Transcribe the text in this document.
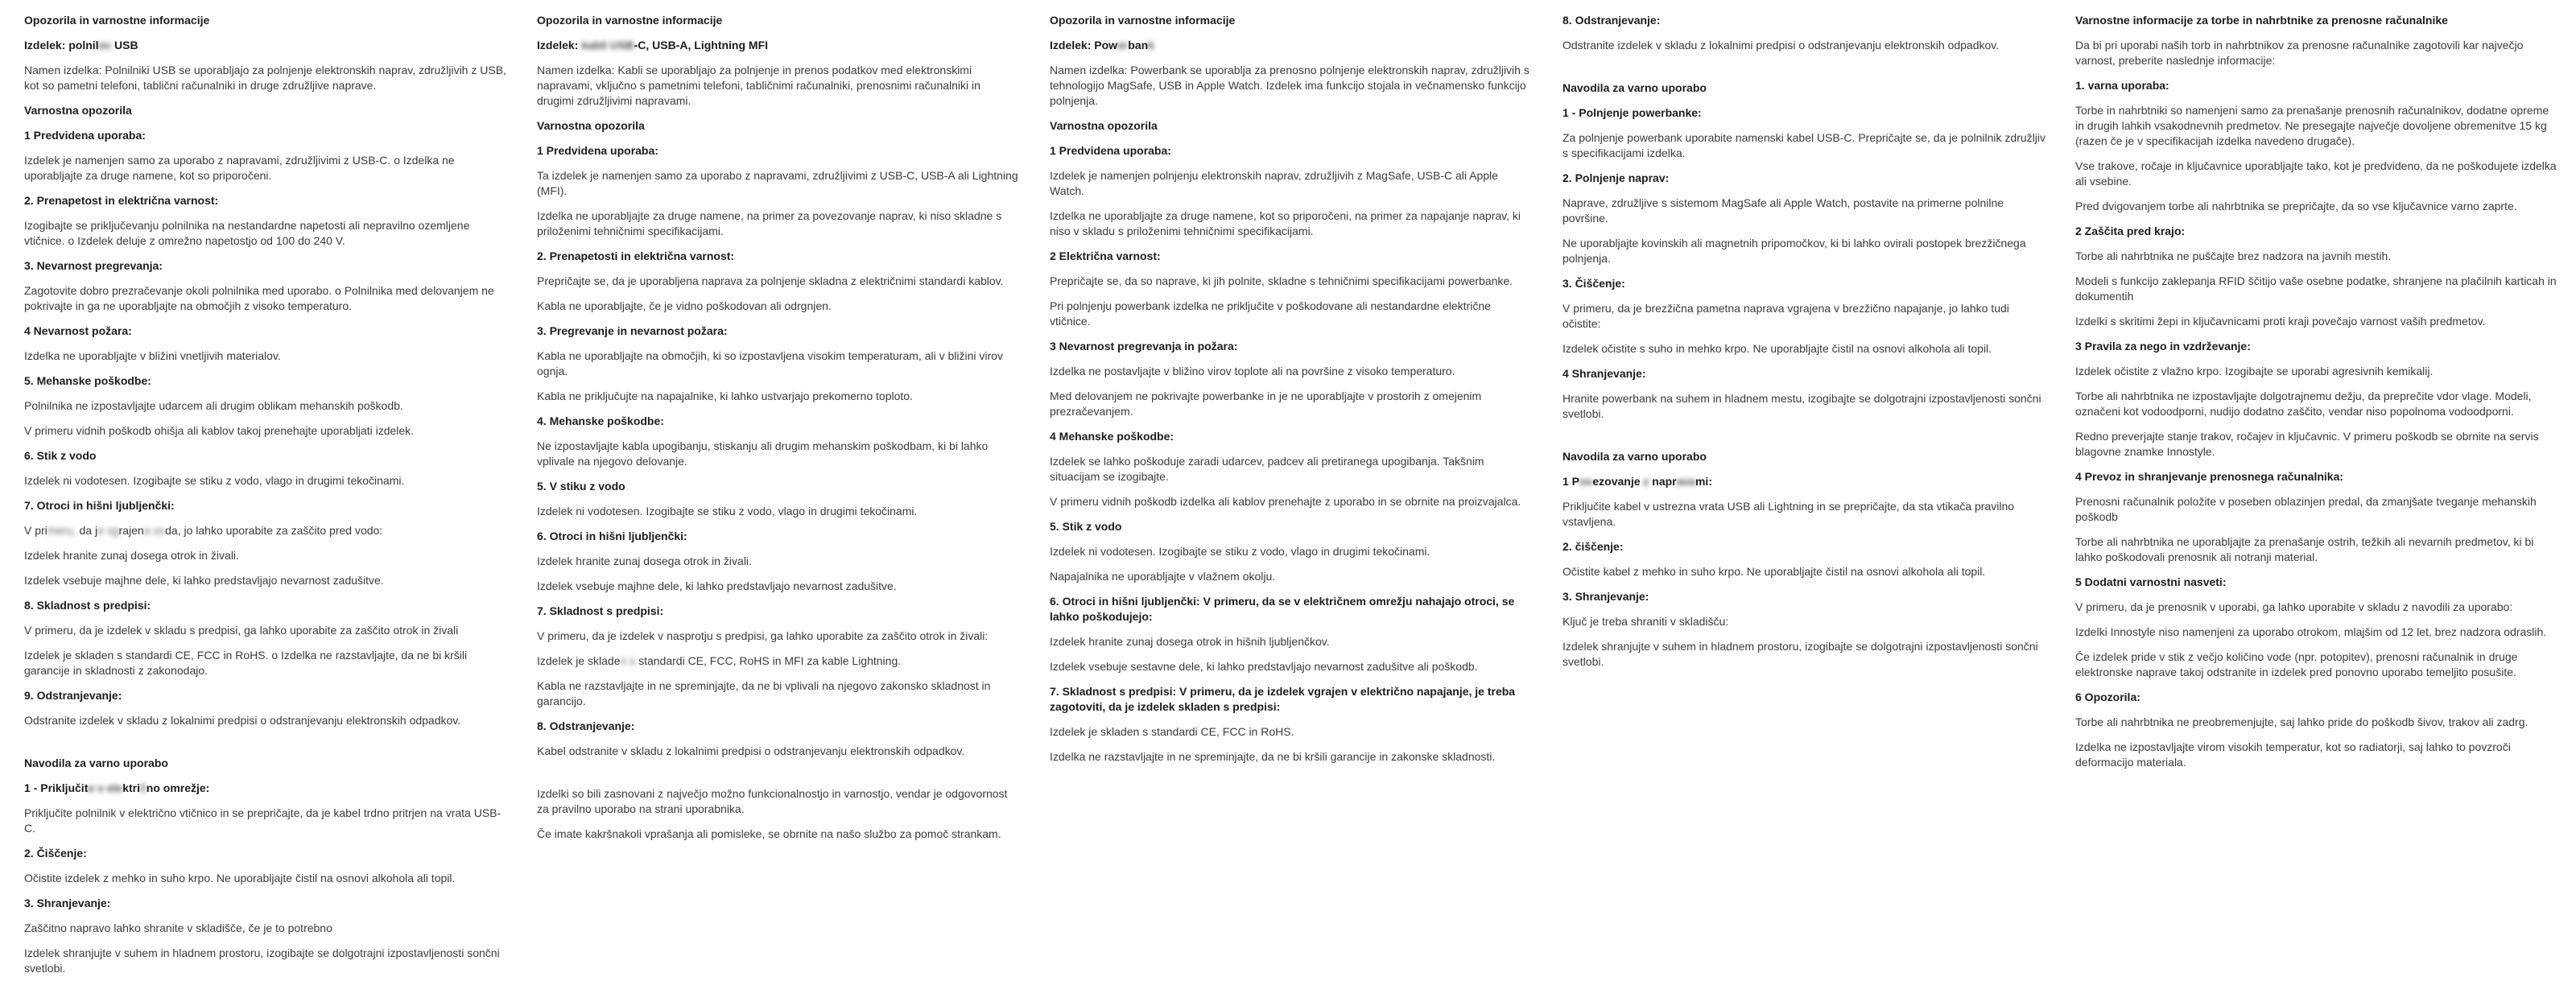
Opozorila in varnostne informacije
Izdelek: polnilec USB
Namen izdelka: Polnilniki USB se uporabljajo za polnjenje elektronskih naprav, združljivih z USB, kot so pametni telefoni, tablični računalniki in druge združljive naprave.
Varnostna opozorila
1 Predvidena uporaba:
Izdelek je namenjen samo za uporabo z napravami, združljivimi z USB-C. o Izdelka ne uporabljajte za druge namene, kot so priporočeni.
2. Prenapetost in električna varnost:
Izogibajte se priključevanju polnilnika na nestandardne napetosti ali nepravilno ozemljene vtičnice. o Izdelek deluje z omrežno napetostjo od 100 do 240 V.
3. Nevarnost pregrevanja:
Zagotovite dobro prezračevanje okoli polnilnika med uporabo. o Polnilnika med delovanjem ne pokrivajte in ga ne uporabljajte na območjih z visoko temperaturo.
4 Nevarnost požara:
Izdelka ne uporabljajte v bližini vnetljivih materialov.
5. Mehanske poškodbe:
Polnilnika ne izpostavljajte udarcem ali drugim oblikam mehanskih poškodb.
V primeru vidnih poškodb ohišja ali kablov takoj prenehajte uporabljati izdelek.
6. Stik z vodo
Izdelek ni vodotesen. Izogibajte se stiku z vodo, vlago in drugimi tekočinami.
7. Otroci in hišni ljubljenčki:
V primeru, da je vgrajena voda, jo lahko uporabite za zaščito pred vodo:
Izdelek hranite zunaj dosega otrok in živali.
Izdelek vsebuje majhne dele, ki lahko predstavljajo nevarnost zadušitve.
8. Skladnost s predpisi:
V primeru, da je izdelek v skladu s predpisi, ga lahko uporabite za zaščito otrok in živali
Izdelek je skladen s standardi CE, FCC in RoHS. o Izdelka ne razstavljajte, da ne bi kršili garancije in skladnosti z zakonodajo.
9. Odstranjevanje:
Odstranite izdelek v skladu z lokalnimi predpisi o odstranjevanju elektronskih odpadkov.
Navodila za varno uporabo
1 - Priključite v električno omrežje:
Priključite polnilnik v električno vtičnico in se prepričajte, da je kabel trdno pritrjen na vrata USB-C.
2. Čiščenje:
Očistite izdelek z mehko in suho krpo. Ne uporabljajte čistil na osnovi alkohola ali topil.
3. Shranjevanje:
Zaščitno napravo lahko shranite v skladišče, če je to potrebno
Izdelek shranjujte v suhem in hladnem prostoru, izogibajte se dolgotrajni izpostavljenosti sončni svetlobi.
Opozorila in varnostne informacije
Izdelek: kabli USB-C, USB-A, Lightning MFI
Namen izdelka: Kabli se uporabljajo za polnjenje in prenos podatkov med elektronskimi napravami, vključno s pametnimi telefoni, tabličnimi računalniki, prenosnimi računalniki in drugimi združljivimi napravami.
Varnostna opozorila
1 Predvidena uporaba:
Ta izdelek je namenjen samo za uporabo z napravami, združljivimi z USB-C, USB-A ali Lightning (MFI).
Izdelka ne uporabljajte za druge namene, na primer za povezovanje naprav, ki niso skladne s priloženimi tehničnimi specifikacijami.
2. Prenapetosti in električna varnost:
Prepričajte se, da je uporabljena naprava za polnjenje skladna z električnimi standardi kablov.
Kabla ne uporabljajte, če je vidno poškodovan ali odrgnjen.
3. Pregrevanje in nevarnost požara:
Kabla ne uporabljajte na območjih, ki so izpostavljena visokim temperaturam, ali v bližini virov ognja.
Kabla ne priključujte na napajalnike, ki lahko ustvarjajo prekomerno toploto.
4. Mehanske poškodbe:
Ne izpostavljajte kabla upogibanju, stiskanju ali drugim mehanskim poškodbam, ki bi lahko vplivale na njegovo delovanje.
5. V stiku z vodo
Izdelek ni vodotesen. Izogibajte se stiku z vodo, vlago in drugimi tekočinami.
6. Otroci in hišni ljubljenčki:
Izdelek hranite zunaj dosega otrok in živali.
Izdelek vsebuje majhne dele, ki lahko predstavljajo nevarnost zadušitve.
7. Skladnost s predpisi:
V primeru, da je izdelek v nasprotju s predpisi, ga lahko uporabite za zaščito otrok in živali:
Izdelek je skladen s standardi CE, FCC, RoHS in MFI za kable Lightning.
Kabla ne razstavljajte in ne spreminjajte, da ne bi vplivali na njegovo zakonsko skladnost in garancijo.
8. Odstranjevanje:
Kabel odstranite v skladu z lokalnimi predpisi o odstranjevanju elektronskih odpadkov.
Izdelki so bili zasnovani z največjo možno funkcionalnostjo in varnostjo, vendar je odgovornost za pravilno uporabo na strani uporabnika.
Če imate kakršnakoli vprašanja ali pomisleke, se obrnite na našo službo za pomoč strankam.
Opozorila in varnostne informacije
Izdelek: Powerbank
Namen izdelka: Powerbank se uporablja za prenosno polnjenje elektronskih naprav, združljivih s tehnologijo MagSafe, USB in Apple Watch. Izdelek ima funkcijo stojala in večnamensko funkcijo polnjenja.
Varnostna opozorila
1 Predvidena uporaba:
Izdelek je namenjen polnjenju elektronskih naprav, združljivih z MagSafe, USB-C ali Apple Watch.
Izdelka ne uporabljajte za druge namene, kot so priporočeni, na primer za napajanje naprav, ki niso v skladu s priloženimi tehničnimi specifikacijami.
2 Električna varnost:
Prepričajte se, da so naprave, ki jih polnite, skladne s tehničnimi specifikacijami powerbanke.
Pri polnjenju powerbank izdelka ne priključite v poškodovane ali nestandardne električne vtičnice.
3 Nevarnost pregrevanja in požara:
Izdelka ne postavljajte v bližino virov toplote ali na površine z visoko temperaturo.
Med delovanjem ne pokrivajte powerbanke in je ne uporabljajte v prostorih z omejenim prezračevanjem.
4 Mehanske poškodbe:
Izdelek se lahko poškoduje zaradi udarcev, padcev ali pretiranega upogibanja. Takšnim situacijam se izogibajte.
V primeru vidnih poškodb izdelka ali kablov prenehajte z uporabo in se obrnite na proizvajalca.
5. Stik z vodo
Izdelek ni vodotesen. Izogibajte se stiku z vodo, vlago in drugimi tekočinami.
Napajalnika ne uporabljajte v vlažnem okolju.
6. Otroci in hišni ljubljenčki: V primeru, da se v električnem omrežju nahajajo otroci, se lahko poškodujejo:
Izdelek hranite zunaj dosega otrok in hišnih ljubljenčkov.
Izdelek vsebuje sestavne dele, ki lahko predstavljajo nevarnost zadušitve ali poškodb.
7. Skladnost s predpisi: V primeru, da je izdelek vgrajen v električno napajanje, je treba zagotoviti, da je izdelek skladen s predpisi:
Izdelek je skladen s standardi CE, FCC in RoHS.
Izdelka ne razstavljajte in ne spreminjajte, da ne bi kršili garancije in zakonske skladnosti.
8. Odstranjevanje:
Odstranite izdelek v skladu z lokalnimi predpisi o odstranjevanju elektronskih odpadkov.
Navodila za varno uporabo
1 - Polnjenje powerbanke:
Za polnjenje powerbank uporabite namenski kabel USB-C. Prepričajte se, da je polnilnik združljiv s specifikacijami izdelka.
2. Polnjenje naprav:
Naprave, združljive s sistemom MagSafe ali Apple Watch, postavite na primerne polnilne površine.
Ne uporabljajte kovinskih ali magnetnih pripomočkov, ki bi lahko ovirali postopek brezžičnega polnjenja.
3. Čiščenje:
V primeru, da je brezžična pametna naprava vgrajena v brezžično napajanje, jo lahko tudi očistite:
Izdelek očistite s suho in mehko krpo. Ne uporabljajte čistil na osnovi alkohola ali topil.
4 Shranjevanje:
Hranite powerbank na suhem in hladnem mestu, izogibajte se dolgotrajni izpostavljenosti sončni svetlobi.
Navodila za varno uporabo
1 Povezovanje z napravami:
Priključite kabel v ustrezna vrata USB ali Lightning in se prepričajte, da sta vtikača pravilno vstavljena.
2. čiščenje:
Očistite kabel z mehko in suho krpo. Ne uporabljajte čistil na osnovi alkohola ali topil.
3. Shranjevanje:
Ključ je treba shraniti v skladišču:
Izdelek shranjujte v suhem in hladnem prostoru, izogibajte se dolgotrajni izpostavljenosti sončni svetlobi.
Varnostne informacije za torbe in nahrbtnike za prenosne računalnike
Da bi pri uporabi naših torb in nahrbtnikov za prenosne računalnike zagotovili kar največjo varnost, preberite naslednje informacije:
1. varna uporaba:
Torbe in nahrbtniki so namenjeni samo za prenašanje prenosnih računalnikov, dodatne opreme in drugih lahkih vsakodnevnih predmetov. Ne presegajte največje dovoljene obremenitve 15 kg (razen če je v specifikacijah izdelka navedeno drugače).
Vse trakove, ročaje in ključavnice uporabljajte tako, kot je predvideno, da ne poškodujete izdelka ali vsebine.
Pred dvigovanjem torbe ali nahrbtnika se prepričajte, da so vse ključavnice varno zaprte.
2 Zaščita pred krajo:
Torbe ali nahrbtnika ne puščajte brez nadzora na javnih mestih.
Modeli s funkcijo zaklepanja RFID ščitijo vaše osebne podatke, shranjene na plačilnih karticah in dokumentih
Izdelki s skritimi žepi in ključavnicami proti kraji povečajo varnost vaših predmetov.
3 Pravila za nego in vzdrževanje:
Izdelek očistite z vlažno krpo. Izogibajte se uporabi agresivnih kemikalij.
Torbe ali nahrbtnika ne izpostavljajte dolgotrajnemu dežju, da preprečite vdor vlage. Modeli, označeni kot vodoodporni, nudijo dodatno zaščito, vendar niso popolnoma vodoodporni.
Redno preverjajte stanje trakov, ročajev in ključavnic. V primeru poškodb se obrnite na servis blagovne znamke Innostyle.
4 Prevoz in shranjevanje prenosnega računalnika:
Prenosni računalnik položite v poseben oblazinjen predal, da zmanjšate tveganje mehanskih poškodb
Torbe ali nahrbtnika ne uporabljajte za prenašanje ostrih, težkih ali nevarnih predmetov, ki bi lahko poškodovali prenosnik ali notranji material.
5 Dodatni varnostni nasveti:
V primeru, da je prenosnik v uporabi, ga lahko uporabite v skladu z navodili za uporabo:
Izdelki Innostyle niso namenjeni za uporabo otrokom, mlajšim od 12 let, brez nadzora odraslih.
Če izdelek pride v stik z večjo količino vode (npr. potopitev), prenosni računalnik in druge elektronske naprave takoj odstranite in izdelek pred ponovno uporabo temeljito posušite.
6 Opozorila:
Torbe ali nahrbtnika ne preobremenjujte, saj lahko pride do poškodb šivov, trakov ali zadrg.
Izdelka ne izpostavljajte virom visokih temperatur, kot so radiatorji, saj lahko to povzroči deformacijo materiala.
